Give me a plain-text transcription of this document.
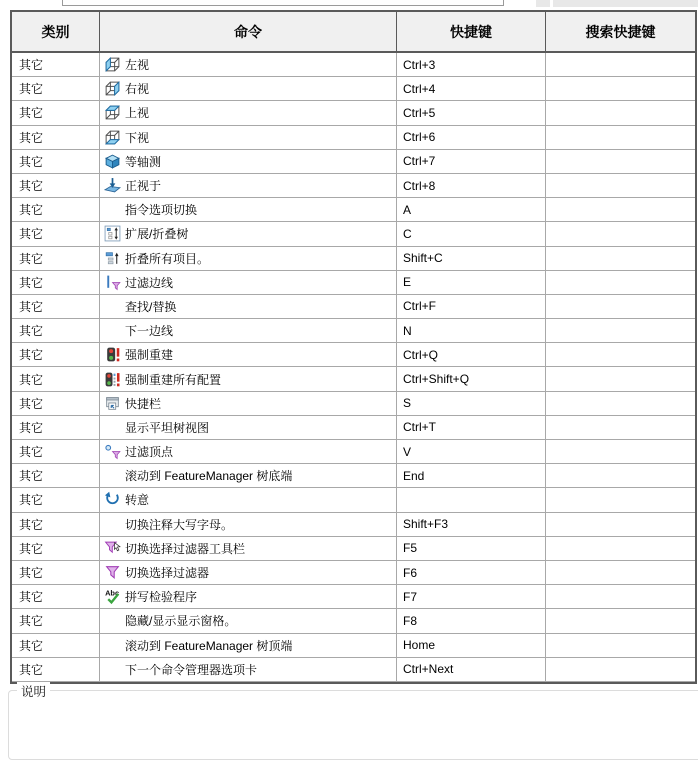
类别	命令	快捷键	搜索快捷键
其它	左视	Ctrl+3
其它	右视	Ctrl+4
其它	上视	Ctrl+5
其它	下视	Ctrl+6
其它	等轴测	Ctrl+7
其它	正视于	Ctrl+8
其它	指令选项切换	A
其它	扩展/折叠树	C
其它	折叠所有项目。	Shift+C
其它	过滤边线	E
其它	查找/替换	Ctrl+F
其它	下一边线	N
其它	强制重建	Ctrl+Q
其它	强制重建所有配置	Ctrl+Shift+Q
其它	快捷栏	S
其它	显示平坦树视图	Ctrl+T
其它	过滤顶点	V
其它	滚动到 FeatureManager 树底端	End
其它	转意
其它	切换注释大写字母。	Shift+F3
其它	切换选择过滤器工具栏	F5
其它	切换选择过滤器	F6
其它	Abc 拼写检验程序	F7
其它	隐藏/显示显示窗格。	F8
其它	滚动到 FeatureManager 树顶端	Home
其它	下一个命令管理器选项卡	Ctrl+Next
说明
